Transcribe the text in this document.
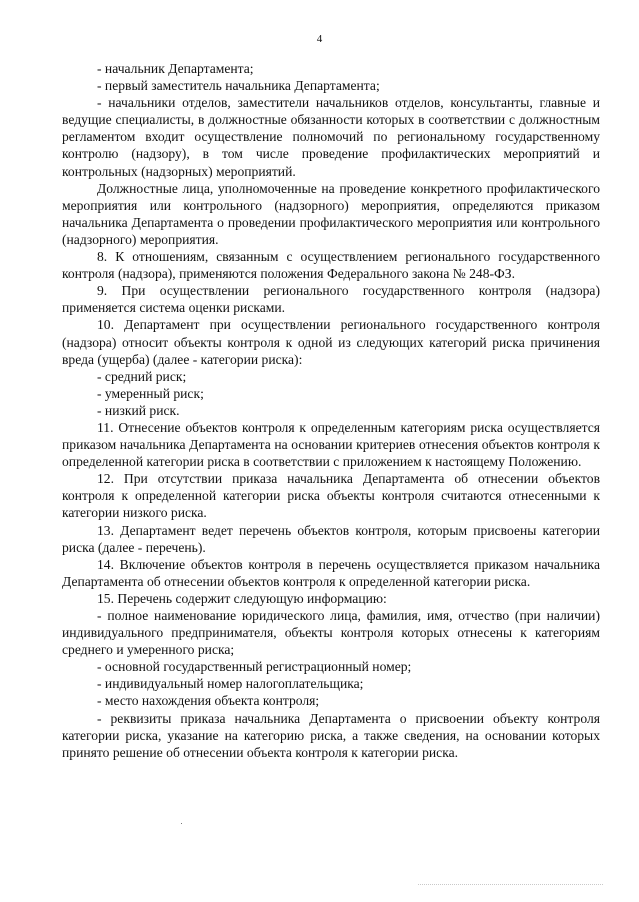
4

- начальник Департамента;

- первый заместитель начальника Департамента;

- начальники отделов, заместители начальников отделов, консультанты, главные и ведущие специалисты, в должностные обязанности которых в соответствии с должностным регламентом входит осуществление полномочий по региональному государственному контролю (надзору), в том числе проведение профилактических мероприятий и контрольных (надзорных) мероприятий.

Должностные лица, уполномоченные на проведение конкретного профилактического мероприятия или контрольного (надзорного) мероприятия, определяются приказом начальника Департамента о проведении профилактического мероприятия или контрольного (надзорного) мероприятия.

8. К отношениям, связанным с осуществлением регионального государственного контроля (надзора), применяются положения Федерального закона № 248-ФЗ.

9. При осуществлении регионального государственного контроля (надзора) применяется система оценки рисками.

10. Департамент при осуществлении регионального государственного контроля (надзора) относит объекты контроля к одной из следующих категорий риска причинения вреда (ущерба) (далее - категории риска):

- средний риск;

- умеренный риск;

- низкий риск.

11. Отнесение объектов контроля к определенным категориям риска осуществляется приказом начальника Департамента на основании критериев отнесения объектов контроля к определенной категории риска в соответствии с приложением к настоящему Положению.

12. При отсутствии приказа начальника Департамента об отнесении объектов контроля к определенной категории риска объекты контроля считаются отнесенными к категории низкого риска.

13. Департамент ведет перечень объектов контроля, которым присвоены категории риска (далее - перечень).

14. Включение объектов контроля в перечень осуществляется приказом начальника Департамента об отнесении объектов контроля к определенной категории риска.

15. Перечень содержит следующую информацию:

- полное наименование юридического лица, фамилия, имя, отчество (при наличии) индивидуального предпринимателя, объекты контроля которых отнесены к категориям среднего и умеренного риска;

- основной государственный регистрационный номер;

- индивидуальный номер налогоплательщика;

- место нахождения объекта контроля;

- реквизиты приказа начальника Департамента о присвоении объекту контроля категории риска, указание на категорию риска, а также сведения, на основании которых принято решение об отнесении объекта контроля к категории риска.
